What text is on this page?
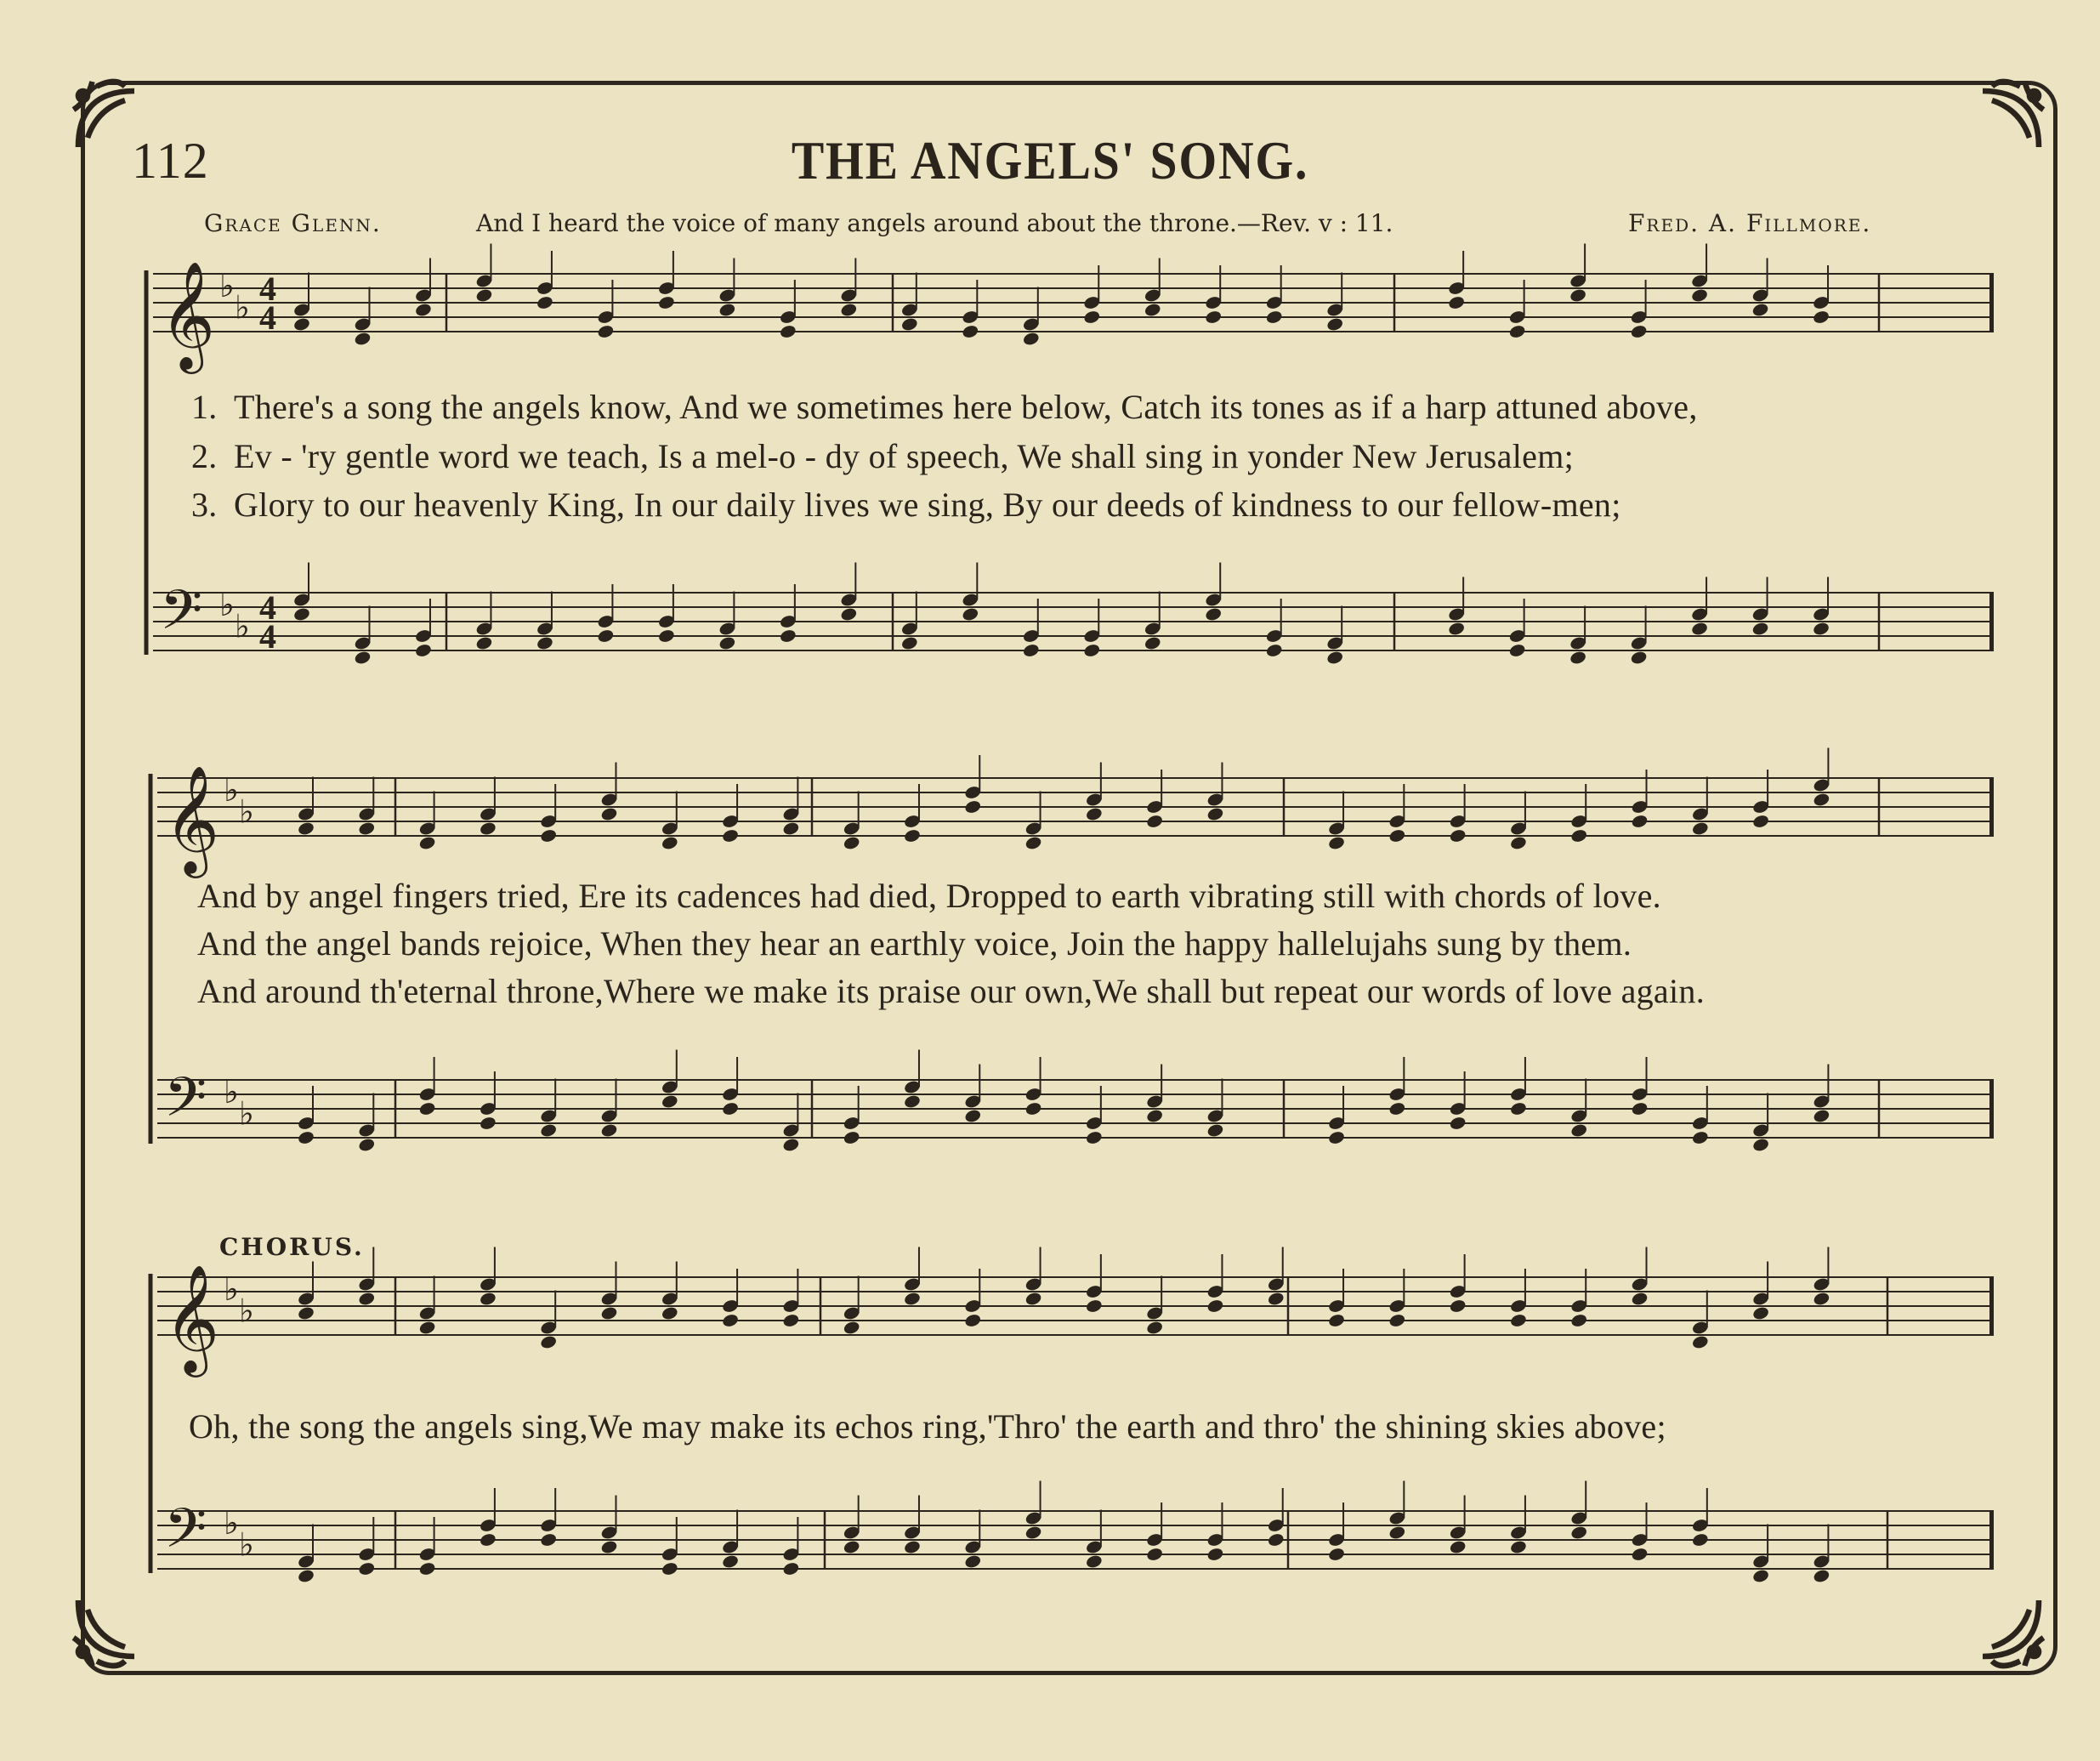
112	THE ANGELS' SONG.
Grace Glenn.	And I heard the voice of many angels around about the throne.—Rev. v : 11.	Fred. A. Fillmore.
𝄞 ♭
♭ 4
4
𝄢 ♭
♭ 4
4
𝄞 ♭
♭
𝄢 ♭
♭
𝄞 ♭
♭
𝄢 ♭
♭
1. There's a song the angels know, And we sometimes here below, Catch its tones as if a harp attuned above,
2. Ev - 'ry gentle word we teach, Is a mel-o - dy of speech, We shall sing in yonder New Jerusalem;
3. Glory to our heavenly King, In our daily lives we sing, By our deeds of kindness to our fellow-men;
And by angel fingers tried, Ere its cadences had died, Dropped to earth vibrating still with chords of love.
And the angel bands rejoice, When they hear an earthly voice, Join the happy hallelujahs sung by them.
And around th'eternal throne,Where we make its praise our own,We shall but repeat our words of love again.
CHORUS.
Oh, the song the angels sing,We may make its echos ring,'Thro' the earth and thro' the shining skies above;
